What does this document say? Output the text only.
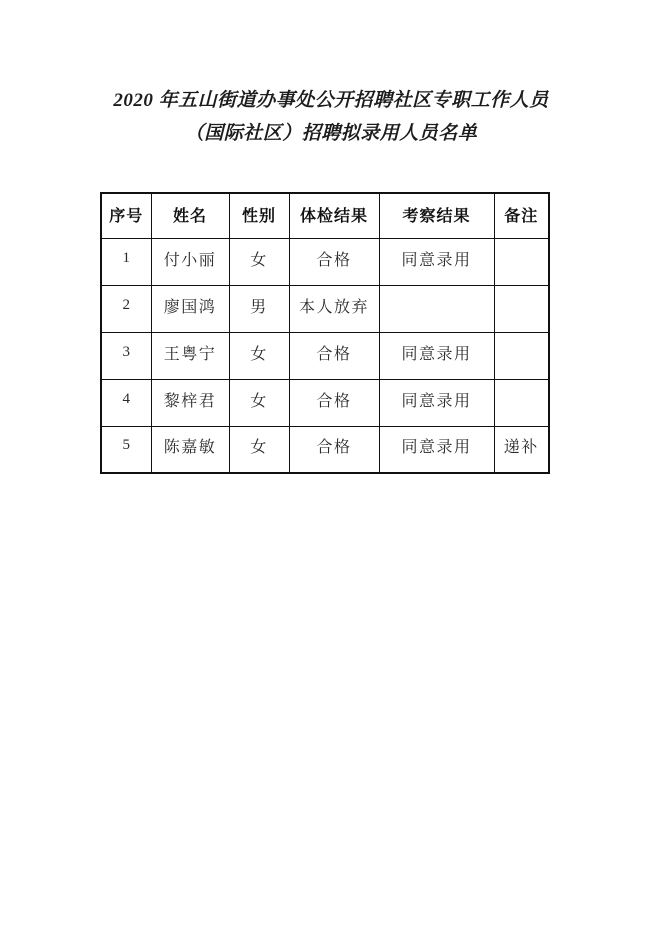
2020 年五山街道办事处公开招聘社区专职工作人员
（国际社区）招聘拟录用人员名单
序号	姓名	性别	体检结果	考察结果	备注
1	付小丽	女	合格	同意录用	
2	廖国鸿	男	本人放弃		
3	王粤宁	女	合格	同意录用	
4	黎梓君	女	合格	同意录用	
5	陈嘉敏	女	合格	同意录用	递补
